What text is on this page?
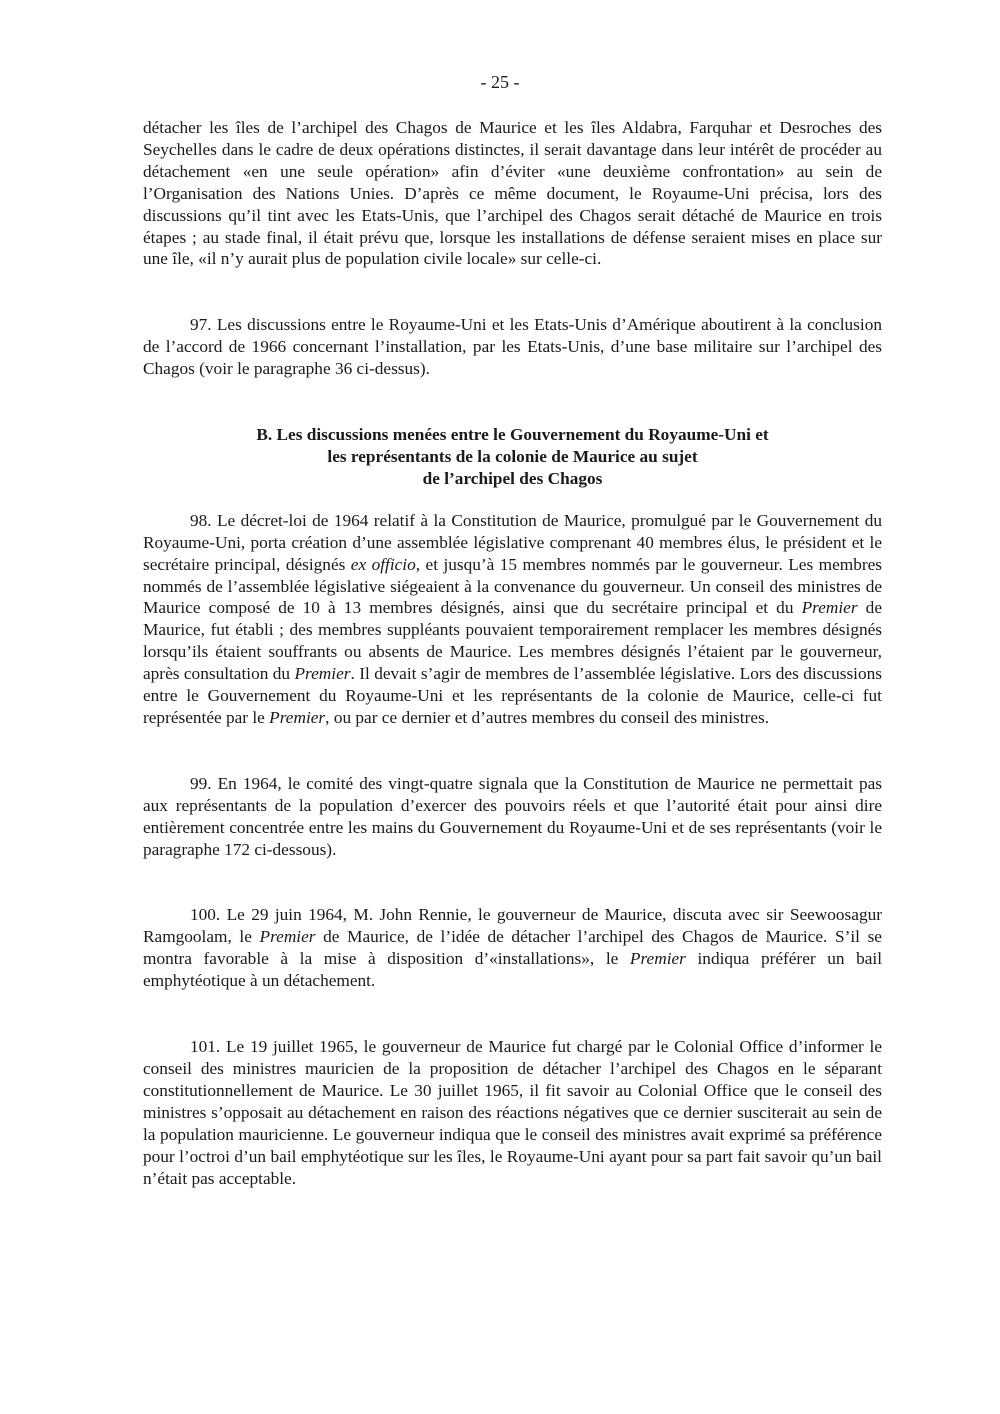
- 25 -

détacher les îles de l’archipel des Chagos de Maurice et les îles Aldabra, Farquhar et Desroches des Seychelles dans le cadre de deux opérations distinctes, il serait davantage dans leur intérêt de procéder au détachement «en une seule opération» afin d’éviter «une deuxième confrontation» au sein de l’Organisation des Nations Unies. D’après ce même document, le Royaume-Uni précisa, lors des discussions qu’il tint avec les Etats-Unis, que l’archipel des Chagos serait détaché de Maurice en trois étapes ; au stade final, il était prévu que, lorsque les installations de défense seraient mises en place sur une île, «il n’y aurait plus de population civile locale» sur celle-ci.

97. Les discussions entre le Royaume-Uni et les Etats-Unis d’Amérique aboutirent à la conclusion de l’accord de 1966 concernant l’installation, par les Etats-Unis, d’une base militaire sur l’archipel des Chagos (voir le paragraphe 36 ci-dessus).

B. Les discussions menées entre le Gouvernement du Royaume-Uni et
les représentants de la colonie de Maurice au sujet
de l’archipel des Chagos

98. Le décret-loi de 1964 relatif à la Constitution de Maurice, promulgué par le Gouvernement du Royaume-Uni, porta création d’une assemblée législative comprenant 40 membres élus, le président et le secrétaire principal, désignés ex officio, et jusqu’à 15 membres nommés par le gouverneur. Les membres nommés de l’assemblée législative siégeaient à la convenance du gouverneur. Un conseil des ministres de Maurice composé de 10 à 13 membres désignés, ainsi que du secrétaire principal et du Premier de Maurice, fut établi ; des membres suppléants pouvaient temporairement remplacer les membres désignés lorsqu’ils étaient souffrants ou absents de Maurice. Les membres désignés l’étaient par le gouverneur, après consultation du Premier. Il devait s’agir de membres de l’assemblée législative. Lors des discussions entre le Gouvernement du Royaume-Uni et les représentants de la colonie de Maurice, celle-ci fut représentée par le Premier, ou par ce dernier et d’autres membres du conseil des ministres.

99. En 1964, le comité des vingt-quatre signala que la Constitution de Maurice ne permettait pas aux représentants de la population d’exercer des pouvoirs réels et que l’autorité était pour ainsi dire entièrement concentrée entre les mains du Gouvernement du Royaume-Uni et de ses représentants (voir le paragraphe 172 ci-dessous).

100. Le 29 juin 1964, M. John Rennie, le gouverneur de Maurice, discuta avec sir Seewoosagur Ramgoolam, le Premier de Maurice, de l’idée de détacher l’archipel des Chagos de Maurice. S’il se montra favorable à la mise à disposition d’«installations», le Premier indiqua préférer un bail emphytéotique à un détachement.

101. Le 19 juillet 1965, le gouverneur de Maurice fut chargé par le Colonial Office d’informer le conseil des ministres mauricien de la proposition de détacher l’archipel des Chagos en le séparant constitutionnellement de Maurice. Le 30 juillet 1965, il fit savoir au Colonial Office que le conseil des ministres s’opposait au détachement en raison des réactions négatives que ce dernier susciterait au sein de la population mauricienne. Le gouverneur indiqua que le conseil des ministres avait exprimé sa préférence pour l’octroi d’un bail emphytéotique sur les îles, le Royaume-Uni ayant pour sa part fait savoir qu’un bail n’était pas acceptable.
